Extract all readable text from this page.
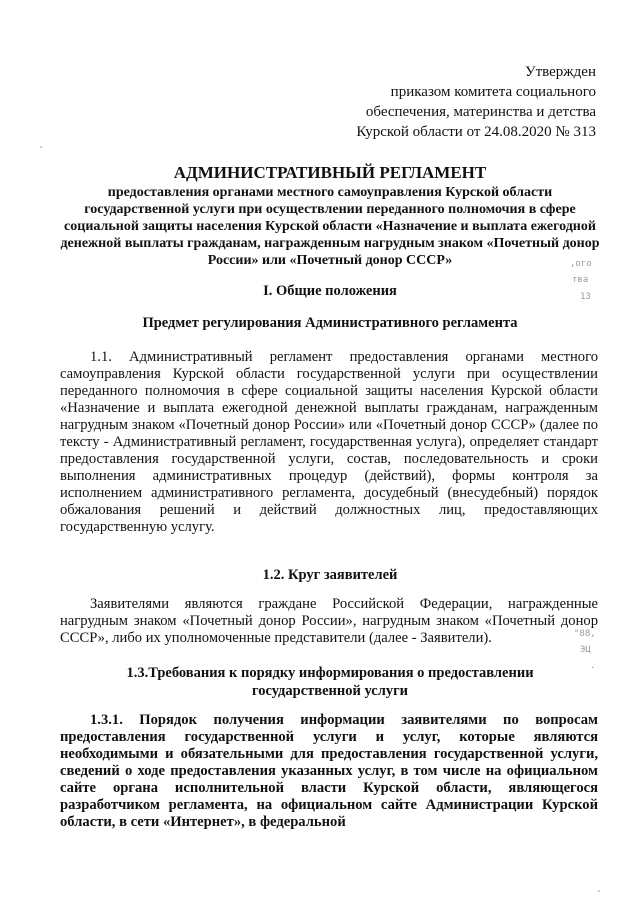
Утвержден
приказом комитета социального
обеспечения, материнства и детства
Курской области от 24.08.2020 № 313
АДМИНИСТРАТИВНЫЙ РЕГЛАМЕНТ
предоставления органами местного самоуправления Курской области государственной услуги при осуществлении переданного полномочия в сфере социальной защиты населения Курской области «Назначение и выплата ежегодной денежной выплаты гражданам, награжденным нагрудным знаком «Почетный донор России» или «Почетный донор СССР»
I. Общие положения
Предмет регулирования Административного регламента
1.1. Административный регламент предоставления органами местного самоуправления Курской области государственной услуги при осуществлении переданного полномочия в сфере социальной защиты населения Курской области «Назначение и выплата ежегодной денежной выплаты гражданам, награжденным нагрудным знаком «Почетный донор России» или «Почетный донор СССР» (далее по тексту - Административный регламент, государственная услуга), определяет стандарт предоставления государственной услуги, состав, последовательность и сроки выполнения административных процедур (действий), формы контроля за исполнением административного регламента, досудебный (внесудебный) порядок обжалования решений и действий должностных лиц, предоставляющих государственную услугу.
1.2. Круг заявителей
Заявителями являются граждане Российской Федерации, награжденные нагрудным знаком «Почетный донор России», нагрудным знаком «Почетный донор СССР», либо их уполномоченные представители (далее - Заявители).
1.3.Требования к порядку информирования о предоставлении
государственной услуги
1.3.1. Порядок получения информации заявителями по вопросам предоставления государственной услуги и услуг, которые являются необходимыми и обязательными для предоставления государственной услуги, сведений о ходе предоставления указанных услуг, в том числе на официальном сайте органа исполнительной власти Курской области, являющегося разработчиком регламента, на официальном сайте Администрации Курской области, в сети «Интернет», в федеральной
,ого
тва
13
"88,
ЭЦ
.
